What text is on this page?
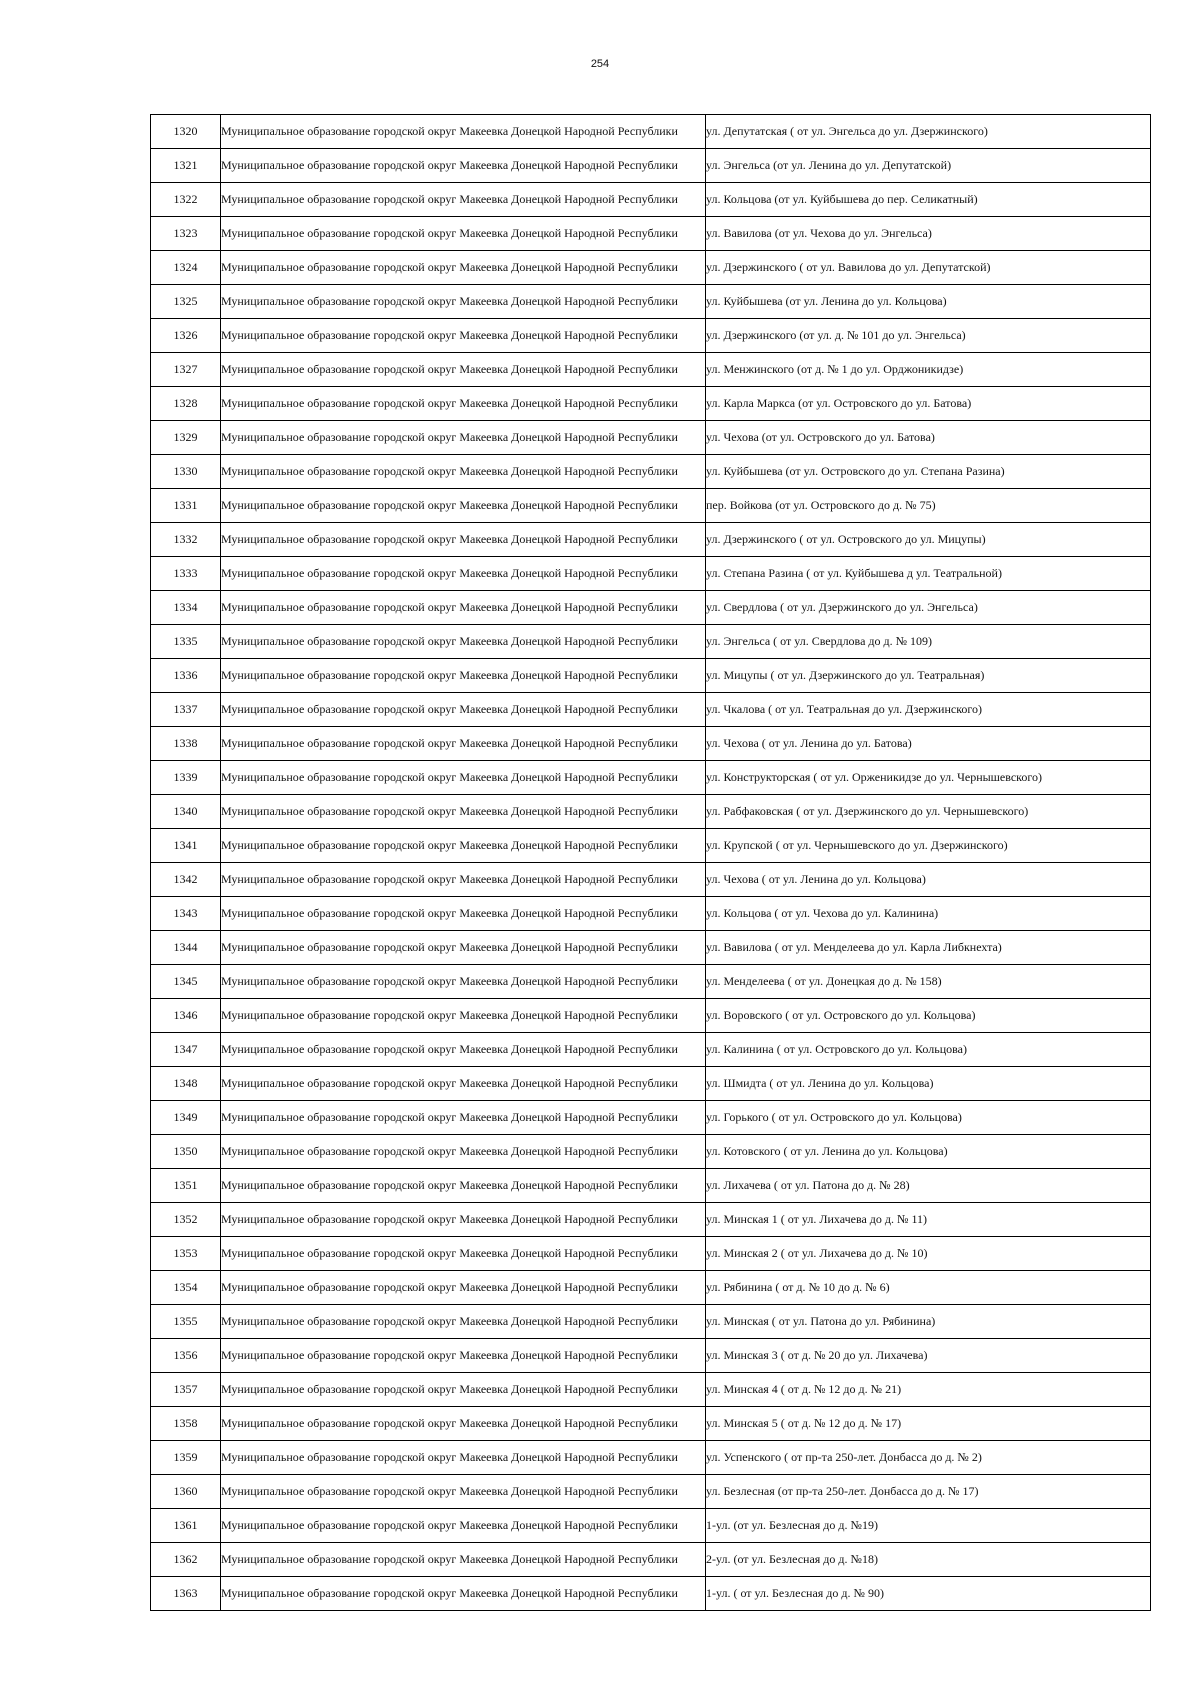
254
1320	Муниципальное образование городской округ Макеевка Донецкой Народной Республики	ул. Депутатская ( от ул. Энгельса до ул. Дзержинского)
1321	Муниципальное образование городской округ Макеевка Донецкой Народной Республики	ул. Энгельса (от ул. Ленина до ул. Депутатской)
1322	Муниципальное образование городской округ Макеевка Донецкой Народной Республики	ул. Кольцова (от ул. Куйбышева до пер. Селикатный)
1323	Муниципальное образование городской округ Макеевка Донецкой Народной Республики	ул. Вавилова (от ул. Чехова до ул. Энгельса)
1324	Муниципальное образование городской округ Макеевка Донецкой Народной Республики	ул. Дзержинского ( от ул. Вавилова до ул. Депутатской)
1325	Муниципальное образование городской округ Макеевка Донецкой Народной Республики	ул. Куйбышева (от ул. Ленина до ул. Кольцова)
1326	Муниципальное образование городской округ Макеевка Донецкой Народной Республики	ул. Дзержинского (от ул. д. № 101 до ул. Энгельса)
1327	Муниципальное образование городской округ Макеевка Донецкой Народной Республики	ул. Менжинского (от д. № 1 до ул. Орджоникидзе)
1328	Муниципальное образование городской округ Макеевка Донецкой Народной Республики	ул. Карла Маркса (от ул. Островского до ул. Батова)
1329	Муниципальное образование городской округ Макеевка Донецкой Народной Республики	ул. Чехова (от ул. Островского до ул. Батова)
1330	Муниципальное образование городской округ Макеевка Донецкой Народной Республики	ул. Куйбышева (от ул. Островского до ул. Степана Разина)
1331	Муниципальное образование городской округ Макеевка Донецкой Народной Республики	пер. Войкова (от ул. Островского до д. № 75)
1332	Муниципальное образование городской округ Макеевка Донецкой Народной Республики	ул. Дзержинского ( от ул. Островского до ул. Мицупы)
1333	Муниципальное образование городской округ Макеевка Донецкой Народной Республики	ул. Степана Разина ( от ул. Куйбышева д ул. Театральной)
1334	Муниципальное образование городской округ Макеевка Донецкой Народной Республики	ул. Свердлова ( от ул. Дзержинского до ул. Энгельса)
1335	Муниципальное образование городской округ Макеевка Донецкой Народной Республики	ул. Энгельса ( от ул. Свердлова до д. № 109)
1336	Муниципальное образование городской округ Макеевка Донецкой Народной Республики	ул. Мицупы ( от ул. Дзержинского до ул. Театральная)
1337	Муниципальное образование городской округ Макеевка Донецкой Народной Республики	ул. Чкалова ( от ул. Театральная до ул. Дзержинского)
1338	Муниципальное образование городской округ Макеевка Донецкой Народной Республики	ул. Чехова ( от ул. Ленина до ул. Батова)
1339	Муниципальное образование городской округ Макеевка Донецкой Народной Республики	ул. Конструкторская ( от ул. Орженикидзе до ул. Чернышевского)
1340	Муниципальное образование городской округ Макеевка Донецкой Народной Республики	ул. Рабфаковская ( от ул. Дзержинского до ул. Чернышевского)
1341	Муниципальное образование городской округ Макеевка Донецкой Народной Республики	ул. Крупской ( от ул. Чернышевского до ул. Дзержинского)
1342	Муниципальное образование городской округ Макеевка Донецкой Народной Республики	ул. Чехова ( от ул. Ленина до ул. Кольцова)
1343	Муниципальное образование городской округ Макеевка Донецкой Народной Республики	ул. Кольцова ( от ул. Чехова до ул. Калинина)
1344	Муниципальное образование городской округ Макеевка Донецкой Народной Республики	ул. Вавилова ( от ул. Менделеева до ул. Карла Либкнехта)
1345	Муниципальное образование городской округ Макеевка Донецкой Народной Республики	ул. Менделеева ( от ул. Донецкая до д. № 158)
1346	Муниципальное образование городской округ Макеевка Донецкой Народной Республики	ул. Воровского ( от ул. Островского до ул. Кольцова)
1347	Муниципальное образование городской округ Макеевка Донецкой Народной Республики	ул. Калинина ( от ул. Островского до ул. Кольцова)
1348	Муниципальное образование городской округ Макеевка Донецкой Народной Республики	ул. Шмидта ( от ул. Ленина до ул. Кольцова)
1349	Муниципальное образование городской округ Макеевка Донецкой Народной Республики	ул. Горького ( от ул. Островского до ул. Кольцова)
1350	Муниципальное образование городской округ Макеевка Донецкой Народной Республики	ул. Котовского ( от ул. Ленина до ул. Кольцова)
1351	Муниципальное образование городской округ Макеевка Донецкой Народной Республики	ул. Лихачева ( от ул. Патона до д. № 28)
1352	Муниципальное образование городской округ Макеевка Донецкой Народной Республики	ул. Минская 1 ( от ул. Лихачева до д. № 11)
1353	Муниципальное образование городской округ Макеевка Донецкой Народной Республики	ул. Минская 2 ( от ул. Лихачева до д. № 10)
1354	Муниципальное образование городской округ Макеевка Донецкой Народной Республики	ул. Рябинина ( от д. № 10 до д. № 6)
1355	Муниципальное образование городской округ Макеевка Донецкой Народной Республики	ул. Минская ( от ул. Патона до ул. Рябинина)
1356	Муниципальное образование городской округ Макеевка Донецкой Народной Республики	ул. Минская 3 ( от д. № 20 до ул. Лихачева)
1357	Муниципальное образование городской округ Макеевка Донецкой Народной Республики	ул. Минская 4 ( от д. № 12 до д. № 21)
1358	Муниципальное образование городской округ Макеевка Донецкой Народной Республики	ул. Минская 5 ( от д. № 12 до д. № 17)
1359	Муниципальное образование городской округ Макеевка Донецкой Народной Республики	ул. Успенского ( от пр-та 250-лет. Донбасса до д. № 2)
1360	Муниципальное образование городской округ Макеевка Донецкой Народной Республики	ул. Безлесная (от пр-та 250-лет. Донбасса до д. № 17)
1361	Муниципальное образование городской округ Макеевка Донецкой Народной Республики	1-ул. (от ул. Безлесная до д. №19)
1362	Муниципальное образование городской округ Макеевка Донецкой Народной Республики	2-ул. (от ул. Безлесная до д. №18)
1363	Муниципальное образование городской округ Макеевка Донецкой Народной Республики	1-ул. ( от ул. Безлесная до д. № 90)
